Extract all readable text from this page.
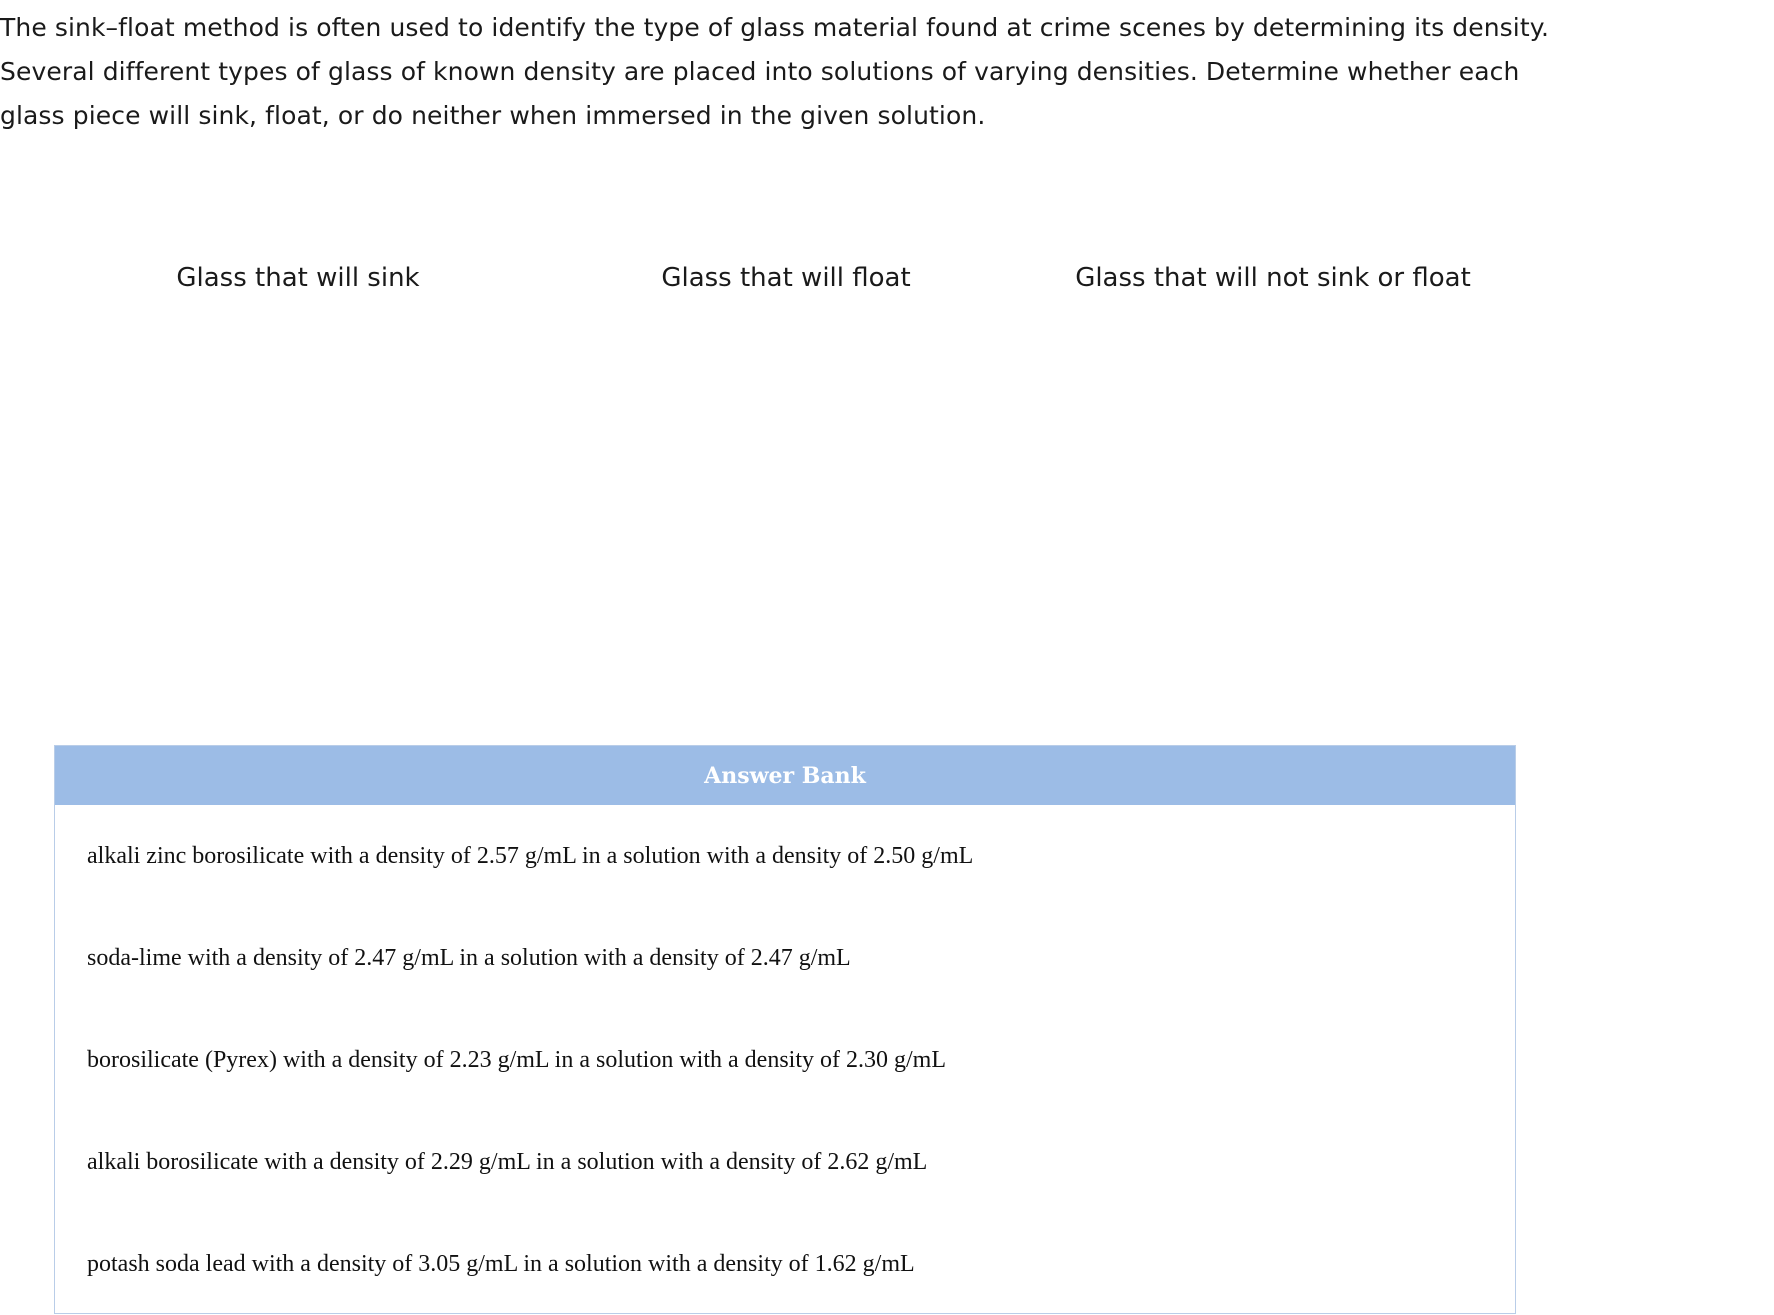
The sink–float method is often used to identify the type of glass material found at crime scenes by determining its density. Several different types of glass of known density are placed into solutions of varying densities. Determine whether each glass piece will sink, float, or do neither when immersed in the given solution.

Glass that will sink	Glass that will float	Glass that will not sink or float
Answer Bank
alkali zinc borosilicate with a density of 2.57 g/mL in a solution with a density of 2.50 g/mL
soda-lime with a density of 2.47 g/mL in a solution with a density of 2.47 g/mL
borosilicate (Pyrex) with a density of 2.23 g/mL in a solution with a density of 2.30 g/mL
alkali borosilicate with a density of 2.29 g/mL in a solution with a density of 2.62 g/mL
potash soda lead with a density of 3.05 g/mL in a solution with a density of 1.62 g/mL
